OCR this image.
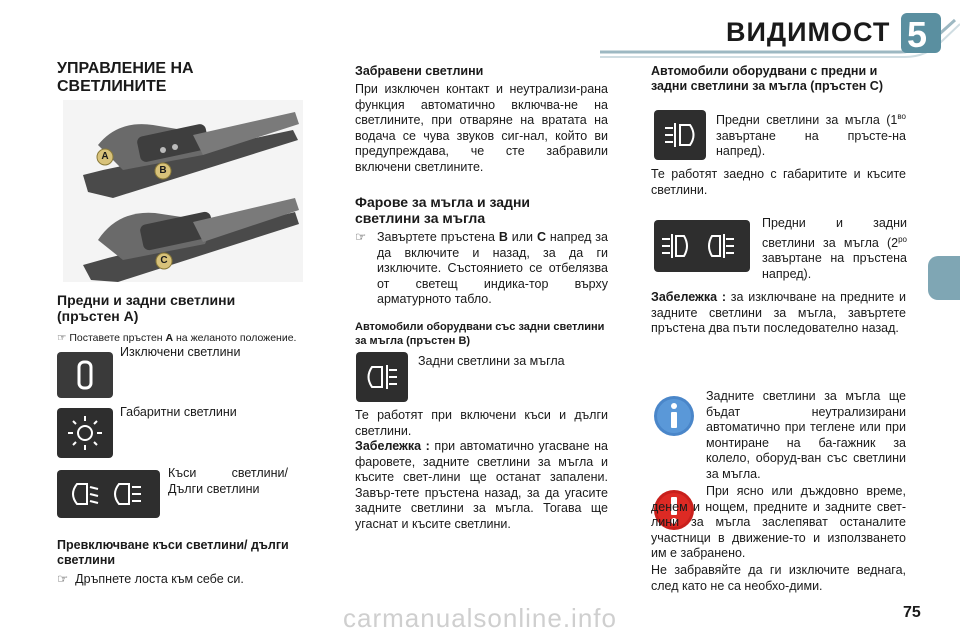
ВИДИМОСТ 5
УПРАВЛЕНИЕ НА СВЕТЛИНИТЕ
A
B
C
Предни и задни светлини (пръстен А)
☞ Поставете пръстен A на желаното положение.
Изключени светлини
Габаритни светлини
Къси светлини/ Дълги светлини
Превключване къси светлини/ дълги светлини
☞ Дръпнете лоста към себе си.
Забравени светлини
При изключен контакт и неутрализи-рана функция автоматично включва-не на светлините, при отваряне на вратата на водача се чува звуков сиг-нал, който ви предупреждава, че сте забравили включени светлините.
Фарове за мъгла и задни светлини за мъгла
☞ Завъртете пръстена B или C напред за да включите и назад, за да ги изключите. Състоянието се отбелязва от светещ индика-тор върху арматурното табло.
Автомобили оборудвани със задни светлини за мъгла (пръстен B)
Задни светлини за мъгла
Те работят при включени къси и дълги светлини.
Забележка : при автоматично угасване на фаровете, задните светлини за мъгла и късите свет-лини ще останат запалени. Завър-тете пръстена назад, за да угасите задните светлини за мъгла. Тогава ще угаснат и късите светлини.
Автомобили оборудвани с предни и задни светлини за мъгла (пръстен C)
Предни светлини за мъгла ($1^{во}$ завъртане на пръсте-на напред).
Те работят заедно с габаритите и късите светлини.
Предни и задни светлини за мъгла ($2^{ро}$ завъртане на пръстена напред).
Забележка : за изключване на предните и задните светлини за мъгла, завъртете пръстена два пъти последователно назад.
Задните светлини за мъгла ще бъдат неутрализирани автоматично при теглене или при монтиране на ба-гажник за колело, оборуд-ван със светлини за мъгла.
При ясно или дъждовно време, денем и нощем, предните и задните свет-лини за мъгла заслепяват останалите участници в движение-то и използването им е забранено.
Не забравяйте да ги изключите веднага, след като не са необхо-дими.
carmanualsonline.info	75
